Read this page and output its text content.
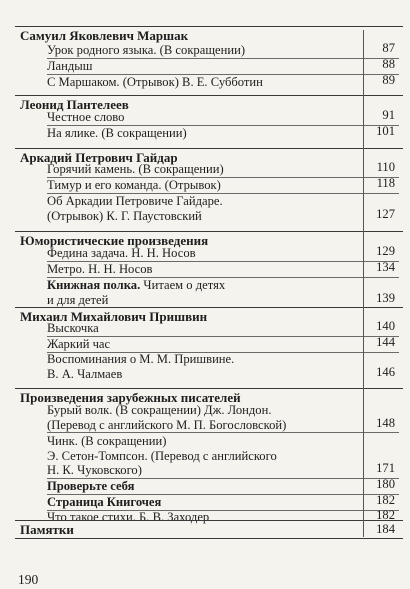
Самуил Яковлевич Маршак
Урок родного языка. (В сокращении)	87
Ландыш	88
С Маршаком. (Отрывок) В. Е. Субботин	89
Леонид Пантелеев
Честное слово	91
На ялике. (В сокращении)	101
Аркадий Петрович Гайдар
Горячий камень. (В сокращении)	110
Тимур и его команда. (Отрывок)	118
Об Аркадии Петровиче Гайдаре.
(Отрывок) К. Г. Паустовский	127
Юмористические произведения
Федина задача. Н. Н. Носов	129
Метро. Н. Н. Носов	134
Книжная полка. Читаем о детях
и для детей	139
Михаил Михайлович Пришвин
Выскочка	140
Жаркий час	144
Воспоминания о М. М. Пришвине.
В. А. Чалмаев	146
Произведения зарубежных писателей
Бурый волк. (В сокращении) Дж. Лондон.
(Перевод с английского М. П. Богословской)	148
Чинк. (В сокращении)
Э. Сетон-Томпсон. (Перевод с английского
Н. К. Чуковского)	171
Проверьте себя	180
Страница Книгочея	182
Что такое стихи. Б. В. Заходер	182
Памятки	184
190
